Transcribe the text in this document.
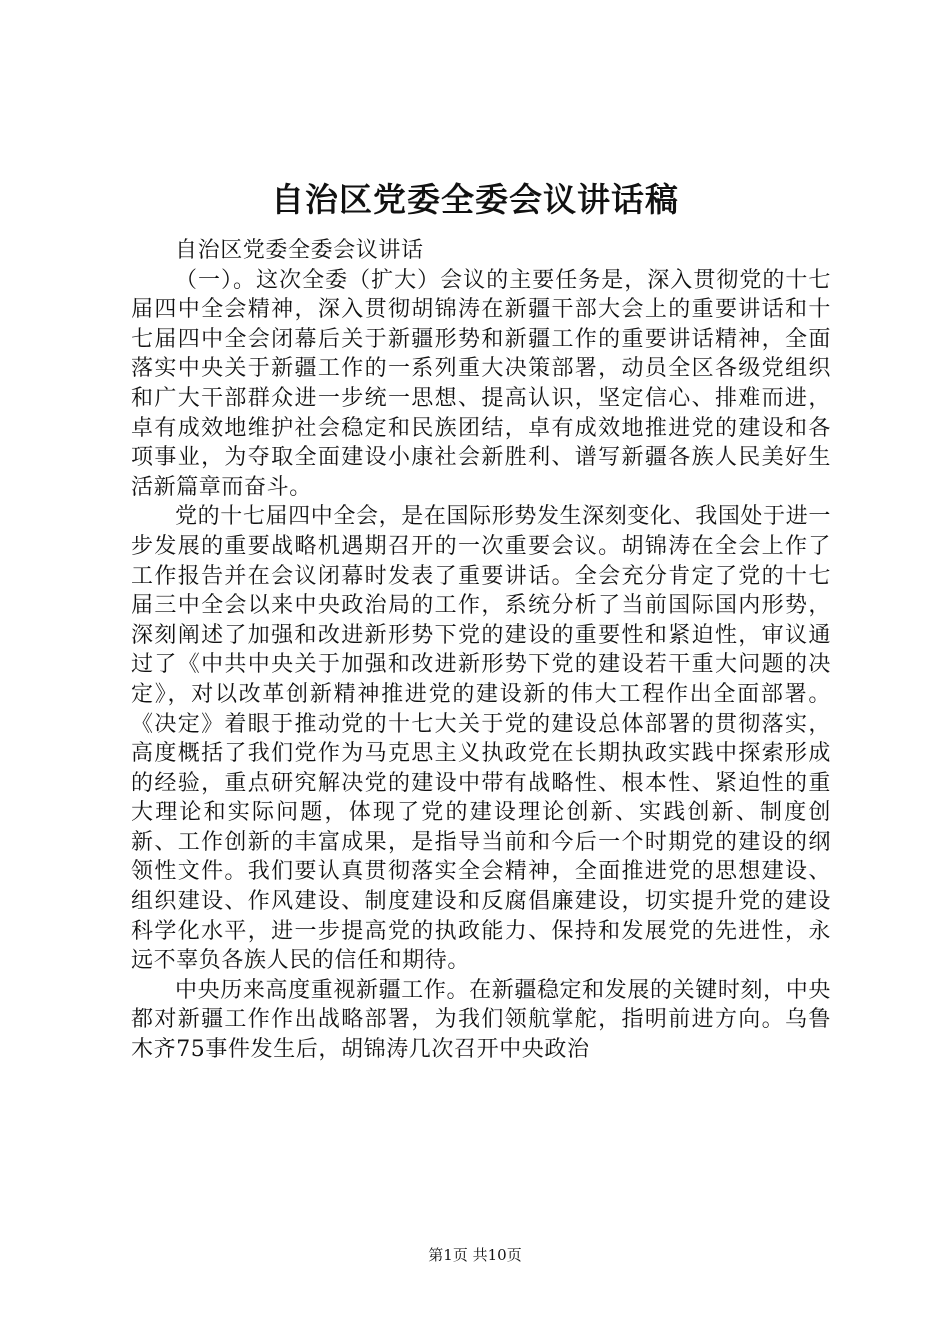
自治区党委全委会议讲话稿

自治区党委全委会议讲话

（一）。这次全委（扩大）会议的主要任务是，深入贯彻党的十七届四中全会精神，深入贯彻胡锦涛在新疆干部大会上的重要讲话和十七届四中全会闭幕后关于新疆形势和新疆工作的重要讲话精神，全面落实中央关于新疆工作的一系列重大决策部署，动员全区各级党组织和广大干部群众进一步统一思想、提高认识，坚定信心、排难而进，卓有成效地维护社会稳定和民族团结，卓有成效地推进党的建设和各项事业，为夺取全面建设小康社会新胜利、谱写新疆各族人民美好生活新篇章而奋斗。

党的十七届四中全会，是在国际形势发生深刻变化、我国处于进一步发展的重要战略机遇期召开的一次重要会议。胡锦涛在全会上作了工作报告并在会议闭幕时发表了重要讲话。全会充分肯定了党的十七届三中全会以来中央政治局的工作，系统分析了当前国际国内形势，深刻阐述了加强和改进新形势下党的建设的重要性和紧迫性，审议通过了《中共中央关于加强和改进新形势下党的建设若干重大问题的决定》，对以改革创新精神推进党的建设新的伟大工程作出全面部署。《决定》着眼于推动党的十七大关于党的建设总体部署的贯彻落实，高度概括了我们党作为马克思主义执政党在长期执政实践中探索形成的经验，重点研究解决党的建设中带有战略性、根本性、紧迫性的重大理论和实际问题，体现了党的建设理论创新、实践创新、制度创新、工作创新的丰富成果，是指导当前和今后一个时期党的建设的纲领性文件。我们要认真贯彻落实全会精神，全面推进党的思想建设、组织建设、作风建设、制度建设和反腐倡廉建设，切实提升党的建设科学化水平，进一步提高党的执政能力、保持和发展党的先进性，永远不辜负各族人民的信任和期待。

中央历来高度重视新疆工作。在新疆稳定和发展的关键时刻，中央都对新疆工作作出战略部署，为我们领航掌舵，指明前进方向。乌鲁木齐75事件发生后，胡锦涛几次召开中央政治

第1页 共10页
